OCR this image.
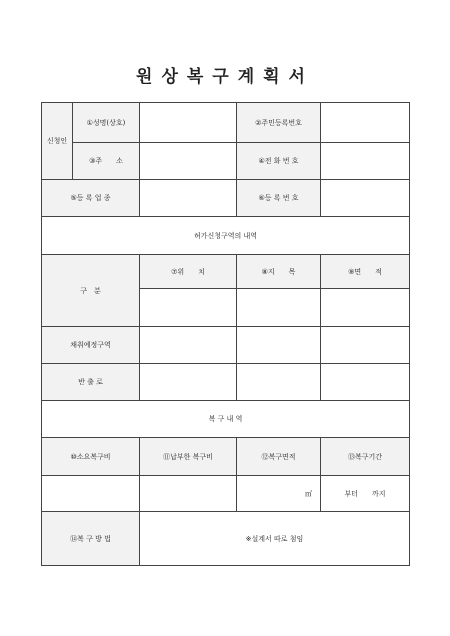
원상복구계획서
신청인	①성명(상호)		②주민등록번호	
	③주　　소		④전 화 번 호	
⑤등 록 업 종			⑥등 록 번 호	
허가신청구역의 내역				
구　분		⑦위　　치	⑧지　　목	⑨면　　적

채취예정구역				
반 출 로				
복 구 내 역				
⑩소요복구비		⑪납부한 복구비	⑫복구면적	⑬복구기간
			㎡	부터　　까지
⑭복 구 방 법		※설계서 따로 첨임		
